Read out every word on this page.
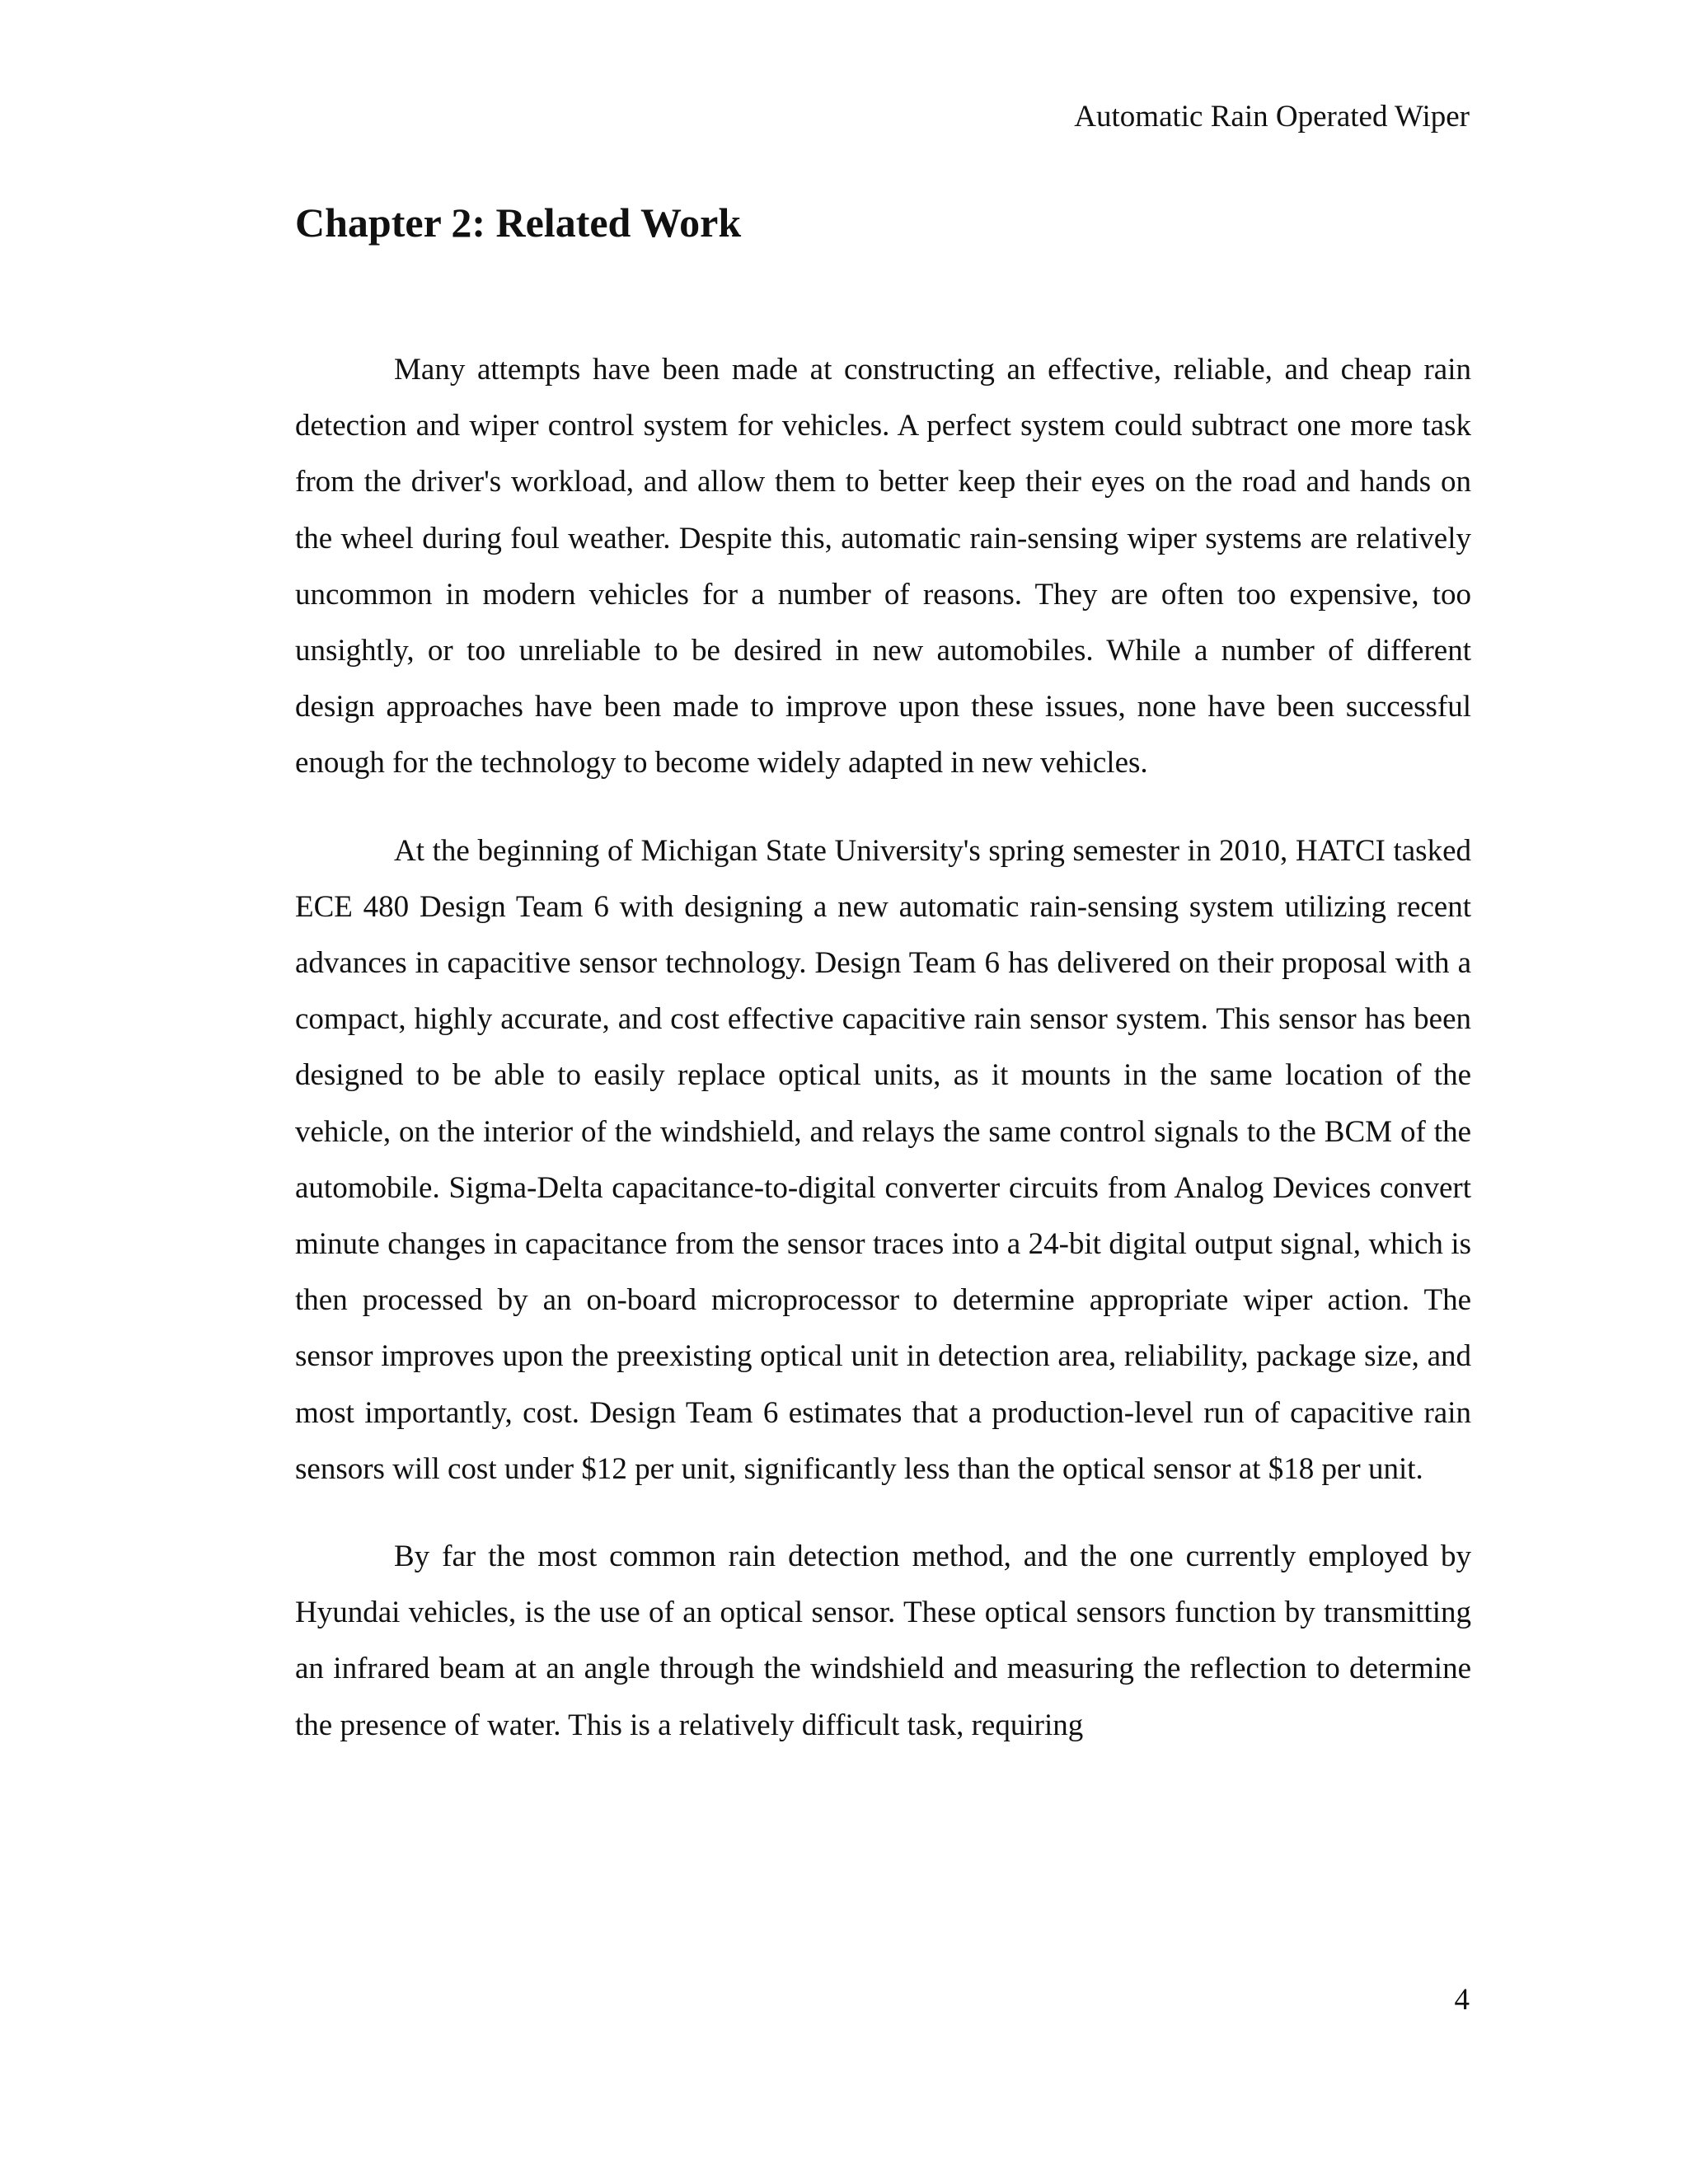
Automatic Rain Operated Wiper
Chapter 2: Related Work

Many attempts have been made at constructing an effective, reliable, and cheap rain detection and wiper control system for vehicles. A perfect system could subtract one more task from the driver's workload, and allow them to better keep their eyes on the road and hands on the wheel during foul weather. Despite this, automatic rain-sensing wiper systems are relatively uncommon in modern vehicles for a number of reasons. They are often too expensive, too unsightly, or too unreliable to be desired in new automobiles. While a number of different design approaches have been made to improve upon these issues, none have been successful enough for the technology to become widely adapted in new vehicles.

At the beginning of Michigan State University's spring semester in 2010, HATCI tasked ECE 480 Design Team 6 with designing a new automatic rain-sensing system utilizing recent advances in capacitive sensor technology. Design Team 6 has delivered on their proposal with a compact, highly accurate, and cost effective capacitive rain sensor system. This sensor has been designed to be able to easily replace optical units, as it mounts in the same location of the vehicle, on the interior of the windshield, and relays the same control signals to the BCM of the automobile. Sigma-Delta capacitance-to-digital converter circuits from Analog Devices convert minute changes in capacitance from the sensor traces into a 24-bit digital output signal, which is then processed by an on-board microprocessor to determine appropriate wiper action. The sensor improves upon the preexisting optical unit in detection area, reliability, package size, and most importantly, cost. Design Team 6 estimates that a production-level run of capacitive rain sensors will cost under $12 per unit, significantly less than the optical sensor at $18 per unit.

By far the most common rain detection method, and the one currently employed by Hyundai vehicles, is the use of an optical sensor. These optical sensors function by transmitting an infrared beam at an angle through the windshield and measuring the reflection to determine the presence of water. This is a relatively difficult task, requiring

4
